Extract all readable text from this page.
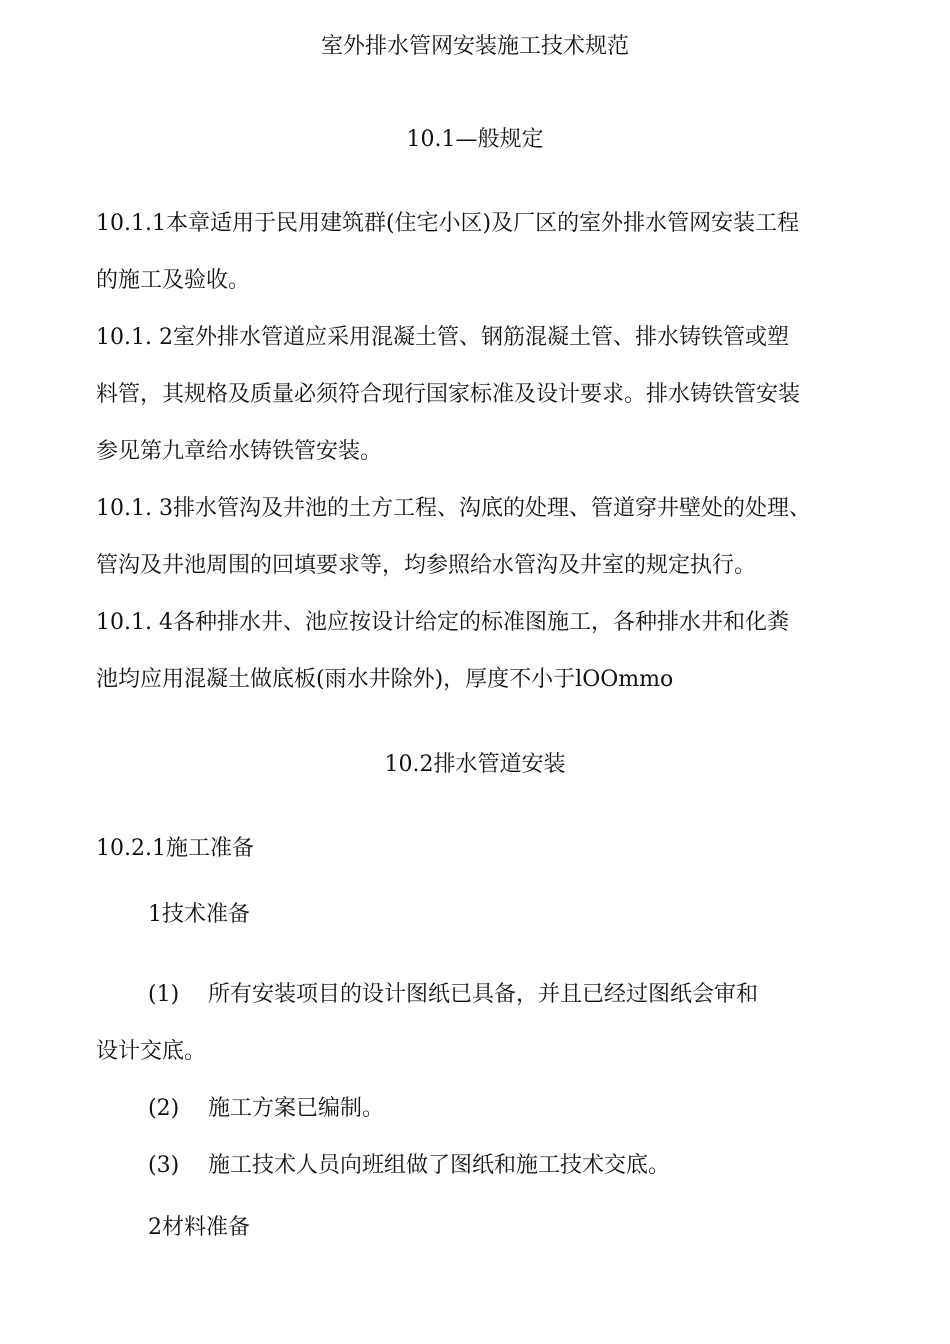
室外排水管网安装施工技术规范
10.1—般规定
10.1.1本章适用于民用建筑群(住宅小区)及厂区的室外排水管网安装工程
的施工及验收。
10.1. 2室外排水管道应采用混凝土管、钢筋混凝土管、排水铸铁管或塑
料管，其规格及质量必须符合现行国家标准及设计要求。排水铸铁管安装
参见第九章给水铸铁管安装。
10.1. 3排水管沟及井池的土方工程、沟底的处理、管道穿井壁处的处理、
管沟及井池周围的回填要求等，均参照给水管沟及井室的规定执行。
10.1. 4各种排水井、池应按设计给定的标准图施工，各种排水井和化粪
池均应用混凝土做底板(雨水井除外)，厚度不小于lOOmmo
10.2排水管道安装
10.2.1施工准备
1技术准备
(1) 所有安装项目的设计图纸已具备，并且已经过图纸会审和
设计交底。
(2) 施工方案已编制。
(3) 施工技术人员向班组做了图纸和施工技术交底。
2材料准备
